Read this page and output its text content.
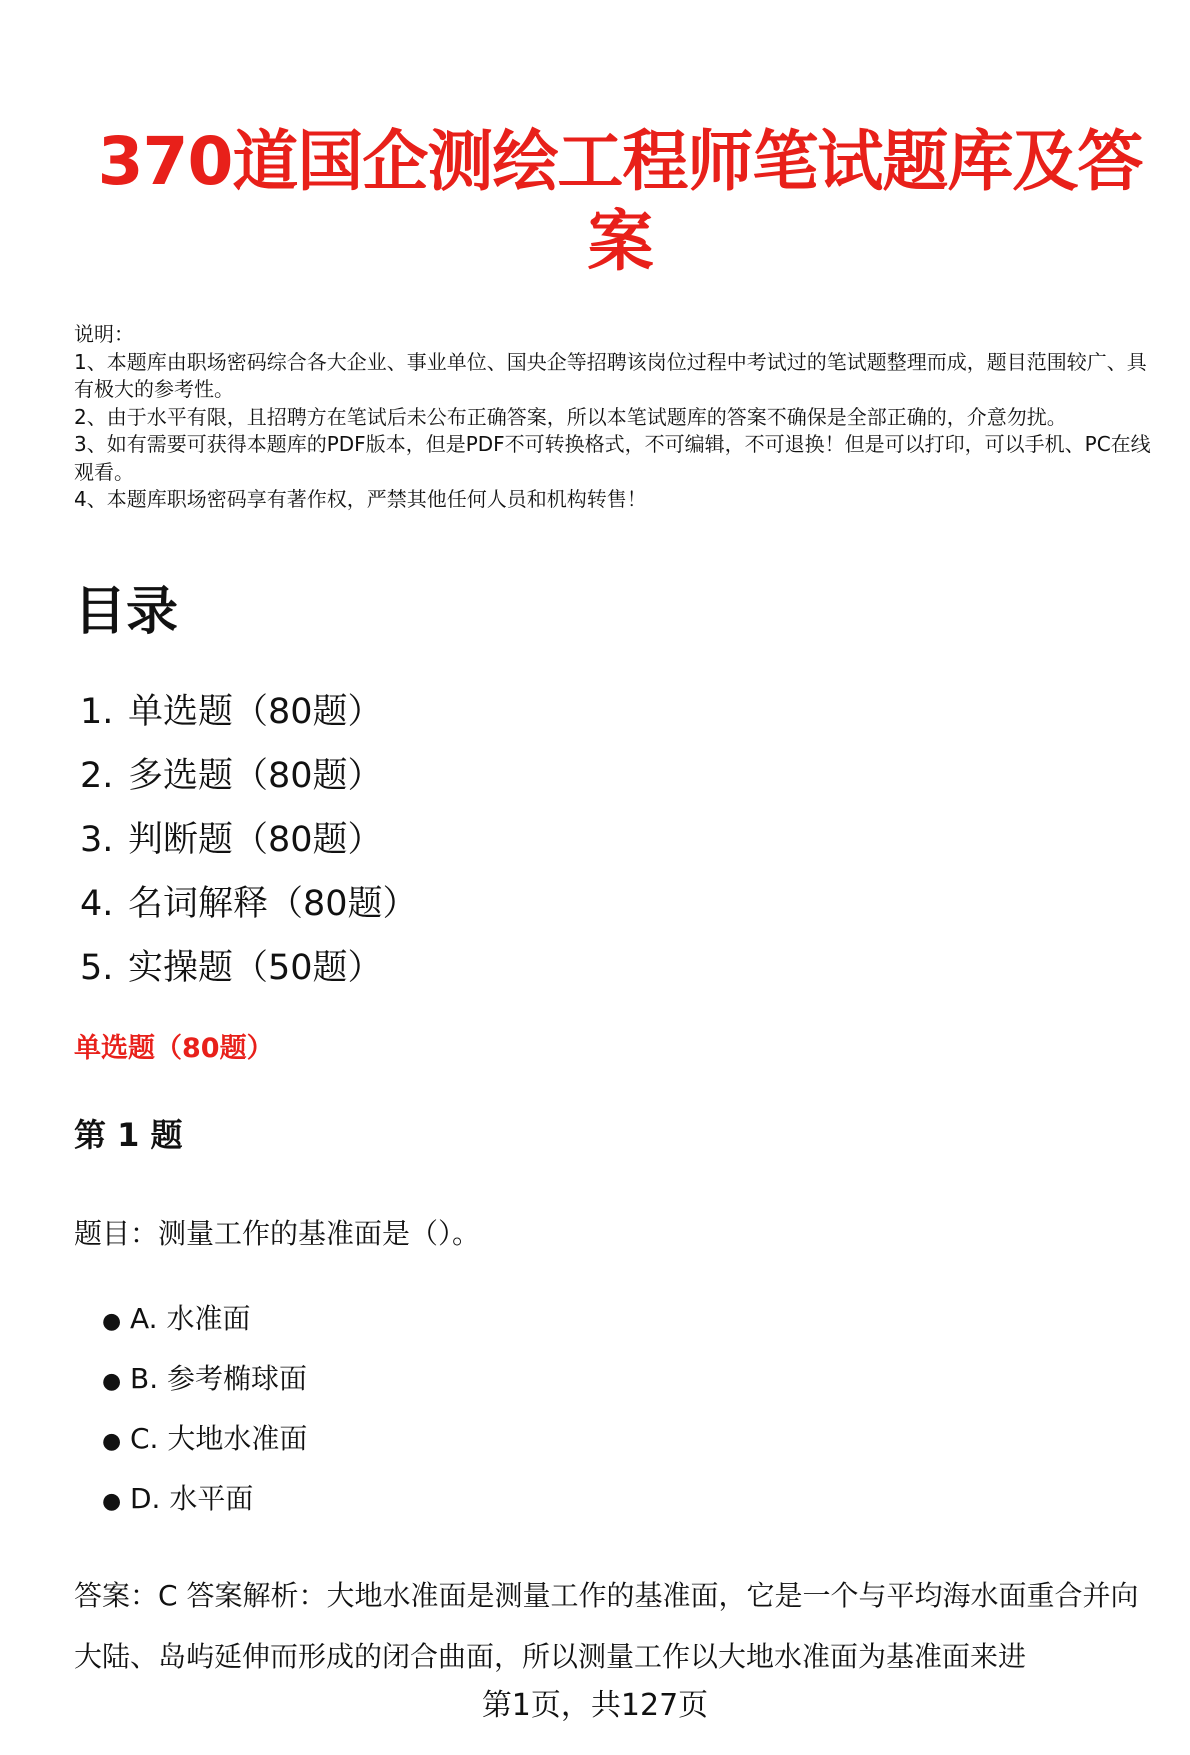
370道国企测绘工程师笔试题库及答
案
说明：
1、本题库由职场密码综合各大企业、事业单位、国央企等招聘该岗位过程中考试过的笔试题整理而成，题目范围较广、具有极大的参考性。
2、由于水平有限，且招聘方在笔试后未公布正确答案，所以本笔试题库的答案不确保是全部正确的，介意勿扰。
3、如有需要可获得本题库的PDF版本，但是PDF不可转换格式，不可编辑，不可退换！但是可以打印，可以手机、PC在线观看。
4、本题库职场密码享有著作权，严禁其他任何人员和机构转售！
目录
1. 单选题（80题）
2. 多选题（80题）
3. 判断题（80题）
4. 名词解释（80题）
5. 实操题（50题）
单选题（80题）
第 1 题
题目：测量工作的基准面是（）。
● A. 水准面
● B. 参考椭球面
● C. 大地水准面
● D. 水平面
答案：C 答案解析：大地水准面是测量工作的基准面，它是一个与平均海水面重合并向大陆、岛屿延伸而形成的闭合曲面，所以测量工作以大地水准面为基准面来进
第1页，共127页
